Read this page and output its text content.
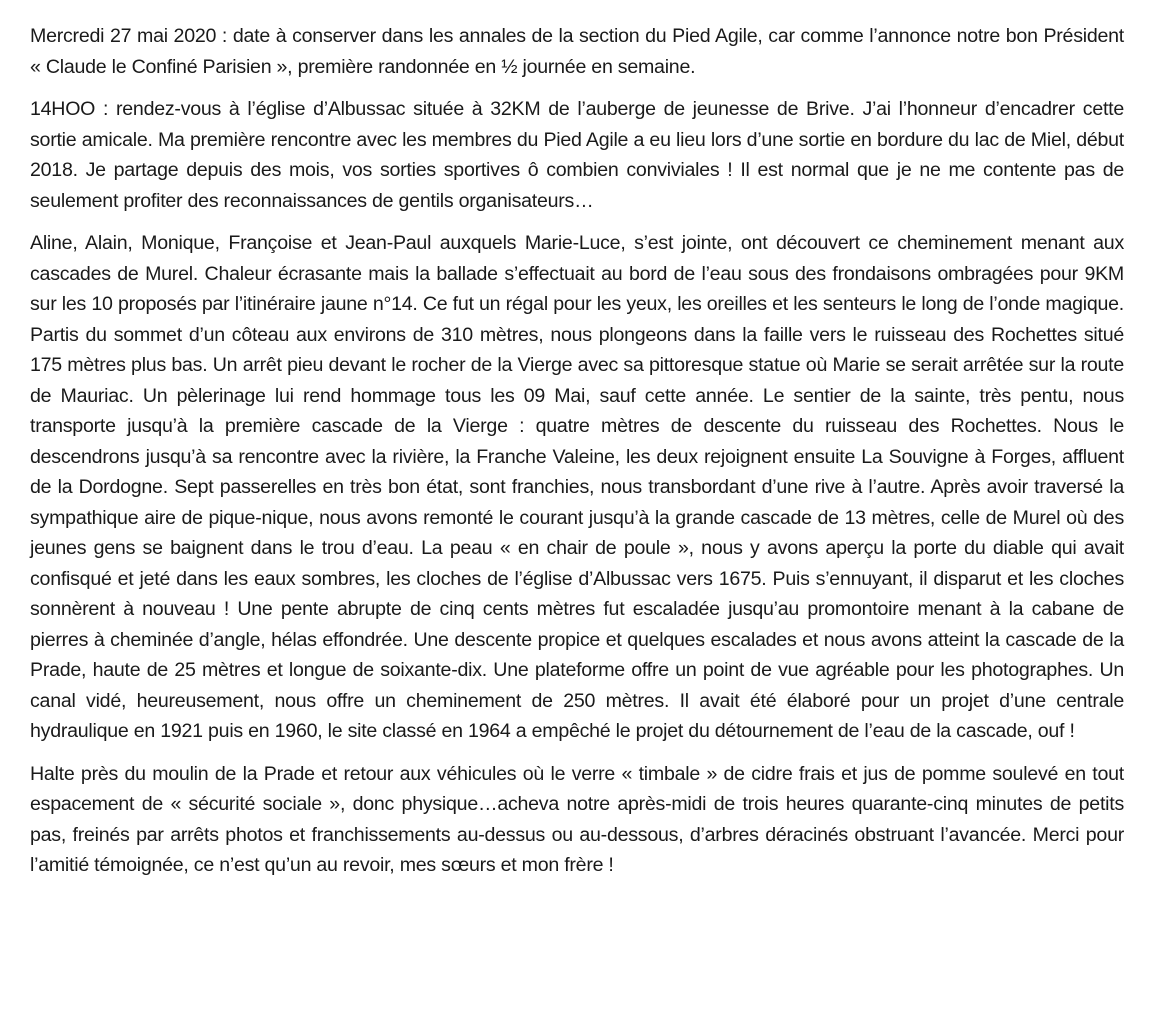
Mercredi 27 mai 2020 : date à conserver dans les annales de la section du Pied Agile, car comme l’annonce notre bon Président « Claude le Confiné Parisien », première randonnée en ½ journée en semaine.

14HOO : rendez-vous à l’église d’Albussac située à 32KM de l’auberge de jeunesse de Brive. J’ai l’honneur d’encadrer cette sortie amicale. Ma première rencontre avec les membres du Pied Agile a eu lieu lors d’une sortie en bordure du lac de Miel, début 2018. Je partage depuis des mois, vos sorties sportives ô combien conviviales ! Il est normal que je ne me contente pas de seulement profiter des reconnaissances de gentils organisateurs…

Aline, Alain, Monique, Françoise et Jean-Paul auxquels Marie-Luce, s’est jointe, ont découvert ce cheminement menant aux cascades de Murel. Chaleur écrasante mais la ballade s’effectuait au bord de l’eau sous des frondaisons ombragées pour 9KM sur les 10 proposés par l’itinéraire jaune n°14. Ce fut un régal pour les yeux, les oreilles et les senteurs le long de l’onde magique. Partis du sommet d’un côteau aux environs de 310 mètres, nous plongeons dans la faille vers le ruisseau des Rochettes situé 175 mètres plus bas. Un arrêt pieu devant le rocher de la Vierge avec sa pittoresque statue où Marie se serait arrêtée sur la route de Mauriac. Un pèlerinage lui rend hommage tous les 09 Mai, sauf cette année. Le sentier de la sainte, très pentu, nous transporte jusqu’à la première cascade de la Vierge : quatre mètres de descente du ruisseau des Rochettes. Nous le descendrons jusqu’à sa rencontre avec la rivière, la Franche Valeine, les deux rejoignent ensuite La Souvigne à Forges, affluent de la Dordogne. Sept passerelles en très bon état, sont franchies, nous transbordant d’une rive à l’autre. Après avoir traversé la sympathique aire de pique-nique, nous avons remonté le courant jusqu’à la grande cascade de 13 mètres, celle de Murel où des jeunes gens se baignent dans le trou d’eau. La peau « en chair de poule », nous y avons aperçu la porte du diable qui avait confisqué et jeté dans les eaux sombres, les cloches de l’église d’Albussac vers 1675. Puis s’ennuyant, il disparut et les cloches sonnèrent à nouveau ! Une pente abrupte de cinq cents mètres fut escaladée jusqu’au promontoire menant à la cabane de pierres à cheminée d’angle, hélas effondrée. Une descente propice et quelques escalades et nous avons atteint la cascade de la Prade, haute de 25 mètres et longue de soixante-dix. Une plateforme offre un point de vue agréable pour les photographes. Un canal vidé, heureusement, nous offre un cheminement de 250 mètres. Il avait été élaboré pour un projet d’une centrale hydraulique en 1921 puis en 1960, le site classé en 1964 a empêché le projet du détournement de l’eau de la cascade, ouf !

Halte près du moulin de la Prade et retour aux véhicules où le verre « timbale » de cidre frais et jus de pomme soulevé en tout espacement de « sécurité sociale », donc physique…acheva notre après-midi de trois heures quarante-cinq minutes de petits pas, freinés par arrêts photos et franchissements au-dessus ou au-dessous, d’arbres déracinés obstruant l’avancée. Merci pour l’amitié témoignée, ce n’est qu’un au revoir, mes sœurs et mon frère !
